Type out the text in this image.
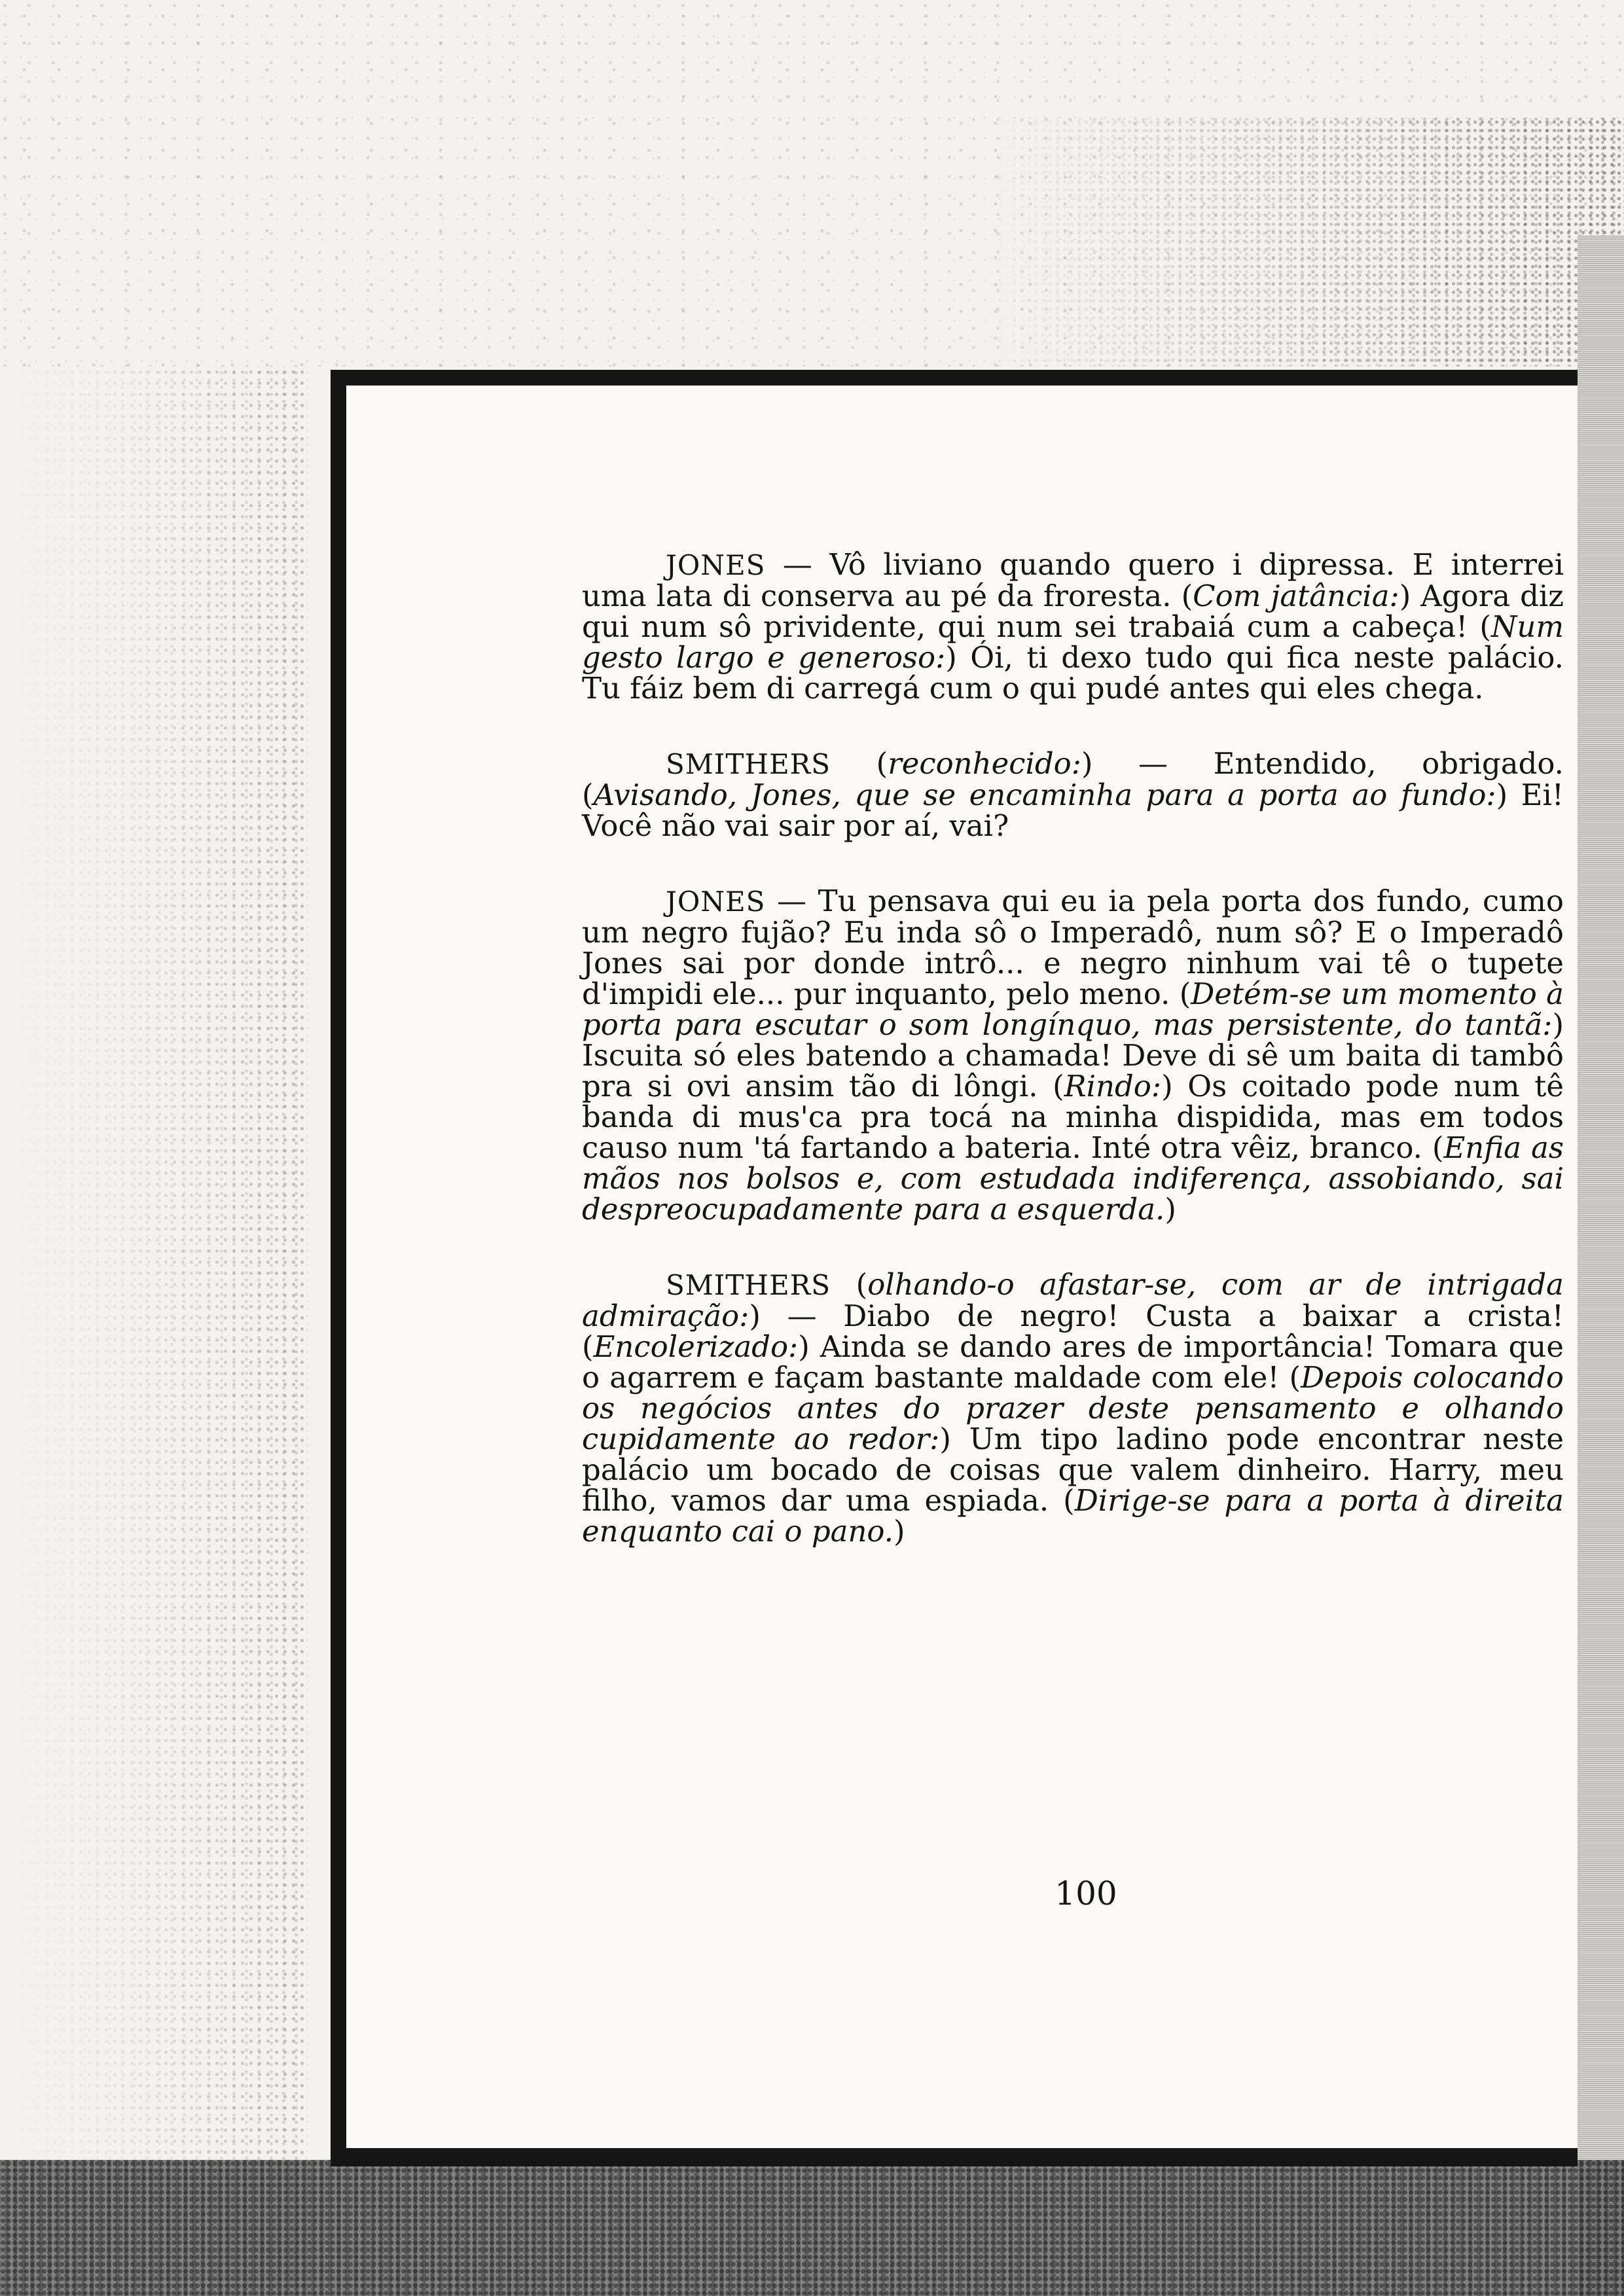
JONES — Vô liviano quando quero i dipressa. E interrei uma lata di conserva au pé da froresta. (Com jatância:) Agora diz qui num sô privident​e, qui num sei trabaiá cum a cabeça! (Num gesto largo e generoso:) Ói, ti dexo tudo qui fica neste palácio. Tu fáiz bem di carregá cum o qui pudé antes qui eles chega.

SMITHERS (reconhecido:) — Entendido, obrigado. (Avisando, Jones, que se encaminha para a porta ao fundo:) Ei! Você não vai sair por aí, vai?

JONES — Tu pensava qui eu ia pela porta dos fundo, cumo um negro fujão? Eu inda sô o Imperadô, num sô? E o Imperadô Jones sai por donde intrô... e negro ninhum vai tê o tupete d'impidi ele... pur inquanto, pelo meno. (Detém-se um momento à porta para escutar o som longínquo, mas persistente, do tantã:) Iscuita só eles batendo a chamada! Deve di sê um baita di tambô pra si ovi ansim tão di lôngi. (Rindo:) Os coitado pode num tê banda di mus'ca pra tocá na minha dispidida, mas em todos causo num 'tá fartando a bateria. Inté otra vêiz, branco. (Enfia as mãos nos bolsos e, com estudada indiferença, assobiando, sai despreocupadamente para a esquerda.)

SMITHERS (olhando-o afastar-se, com ar de intrigada admiração:) — Diabo de negro! Custa a baixar a crista! (Encolerizado:) Ainda se dando ares de importância! Tomara que o agarrem e façam bastante maldade com ele! (Depois colocando os negócios antes do prazer deste pensamento e olhando cupidamente ao redor:) Um tipo ladino pode encontrar neste palácio um bocado de coisas que valem dinheiro. Harry, meu filho, vamos dar uma espiada. (Dirige-se para a porta à direita enquanto cai o pano.)

100
